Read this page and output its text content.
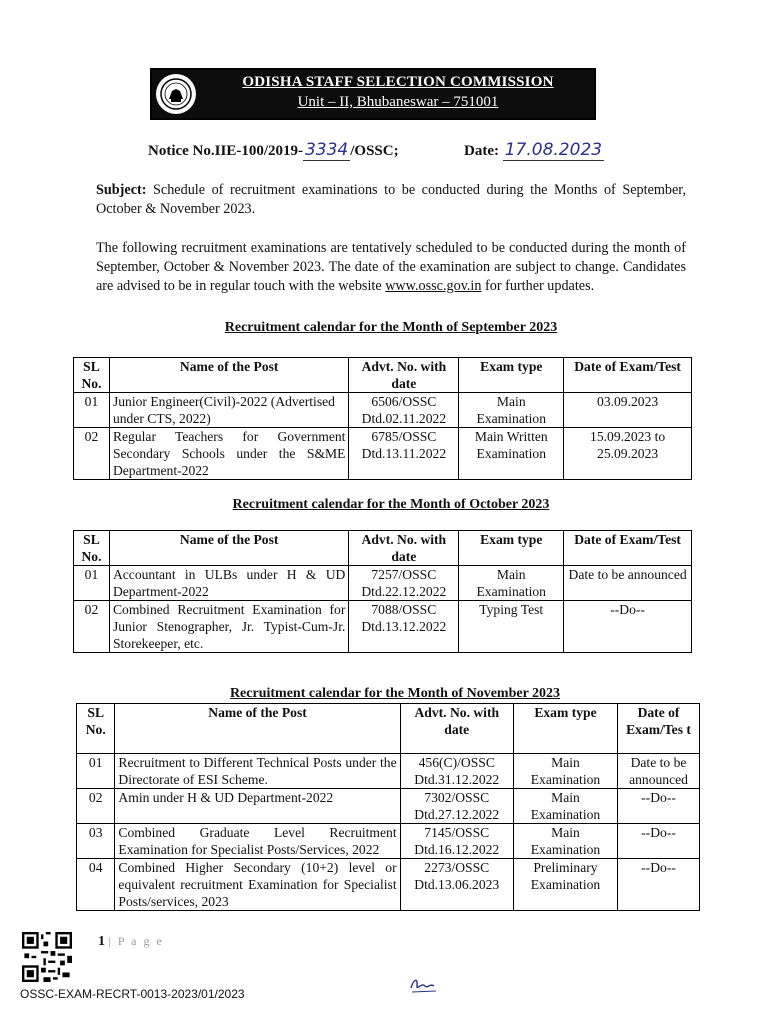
ODISHA STAFF SELECTION COMMISSION
Unit – II, Bhubaneswar – 751001
Notice No.IIE-100/2019- 3334 /OSSC;	Date: 17.08.2023
Subject: Schedule of recruitment examinations to be conducted during the Months of September, October & November 2023.
The following recruitment examinations are tentatively scheduled to be conducted during the month of September, October & November 2023. The date of the examination are subject to change. Candidates are advised to be in regular touch with the website www.ossc.gov.in for further updates.
Recruitment calendar for the Month of September 2023
SL No.	Name of the Post	Advt. No. with date	Exam type	Date of Exam/Test
01	Junior Engineer(Civil)-2022 (Advertised under CTS, 2022)	6506/OSSC Dtd.02.11.2022	Main Examination	03.09.2023
02	Regular Teachers for Government Secondary Schools under the S&ME Department-2022	6785/OSSC Dtd.13.11.2022	Main Written Examination	15.09.2023 to 25.09.2023
Recruitment calendar for the Month of October 2023
SL No.	Name of the Post	Advt. No. with date	Exam type	Date of Exam/Test
01	Accountant in ULBs under H & UD Department-2022	7257/OSSC Dtd.22.12.2022	Main Examination	Date to be announced
02	Combined Recruitment Examination for Junior Stenographer, Jr. Typist-Cum-Jr. Storekeeper, etc.	7088/OSSC Dtd.13.12.2022	Typing Test	--Do--
Recruitment calendar for the Month of November 2023
SL No.	Name of the Post	Advt. No. with date	Exam type	Date of Exam/Tes t
01	Recruitment to Different Technical Posts under the Directorate of ESI Scheme.	456(C)/OSSC Dtd.31.12.2022	Main Examination	Date to be announced
02	Amin under H & UD Department-2022	7302/OSSC Dtd.27.12.2022	Main Examination	--Do--
03	Combined Graduate Level Recruitment Examination for Specialist Posts/Services, 2022	7145/OSSC Dtd.16.12.2022	Main Examination	--Do--
04	Combined Higher Secondary (10+2) level or equivalent recruitment Examination for Specialist Posts/services, 2023	2273/OSSC Dtd.13.06.2023	Preliminary Examination	--Do--
1 | P a g e
OSSC-EXAM-RECRT-0013-2023/01/2023
